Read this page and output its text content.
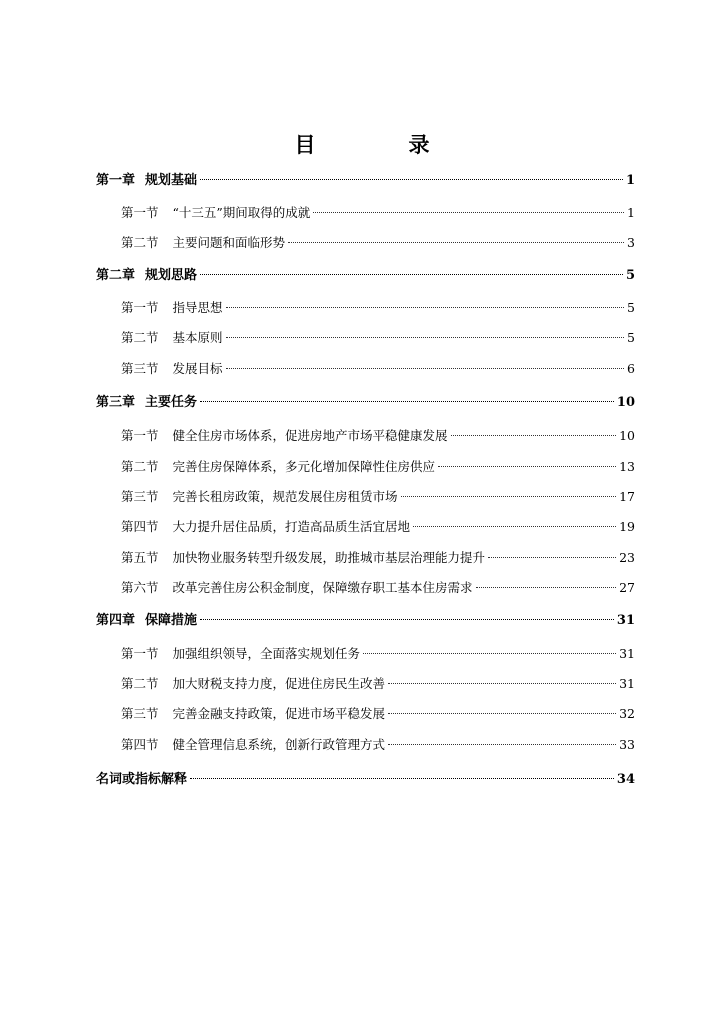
目　录
第一章 规划基础	1
第一节 “十三五”期间取得的成就	1
第二节 主要问题和面临形势	3
第二章 规划思路	5
第一节 指导思想	5
第二节 基本原则	5
第三节 发展目标	6
第三章 主要任务	10
第一节 健全住房市场体系，促进房地产市场平稳健康发展	10
第二节 完善住房保障体系，多元化增加保障性住房供应	13
第三节 完善长租房政策，规范发展住房租赁市场	17
第四节 大力提升居住品质，打造高品质生活宜居地	19
第五节 加快物业服务转型升级发展，助推城市基层治理能力提升	23
第六节 改革完善住房公积金制度，保障缴存职工基本住房需求	27
第四章 保障措施	31
第一节 加强组织领导，全面落实规划任务	31
第二节 加大财税支持力度，促进住房民生改善	31
第三节 完善金融支持政策，促进市场平稳发展	32
第四节 健全管理信息系统，创新行政管理方式	33
名词或指标解释	34
